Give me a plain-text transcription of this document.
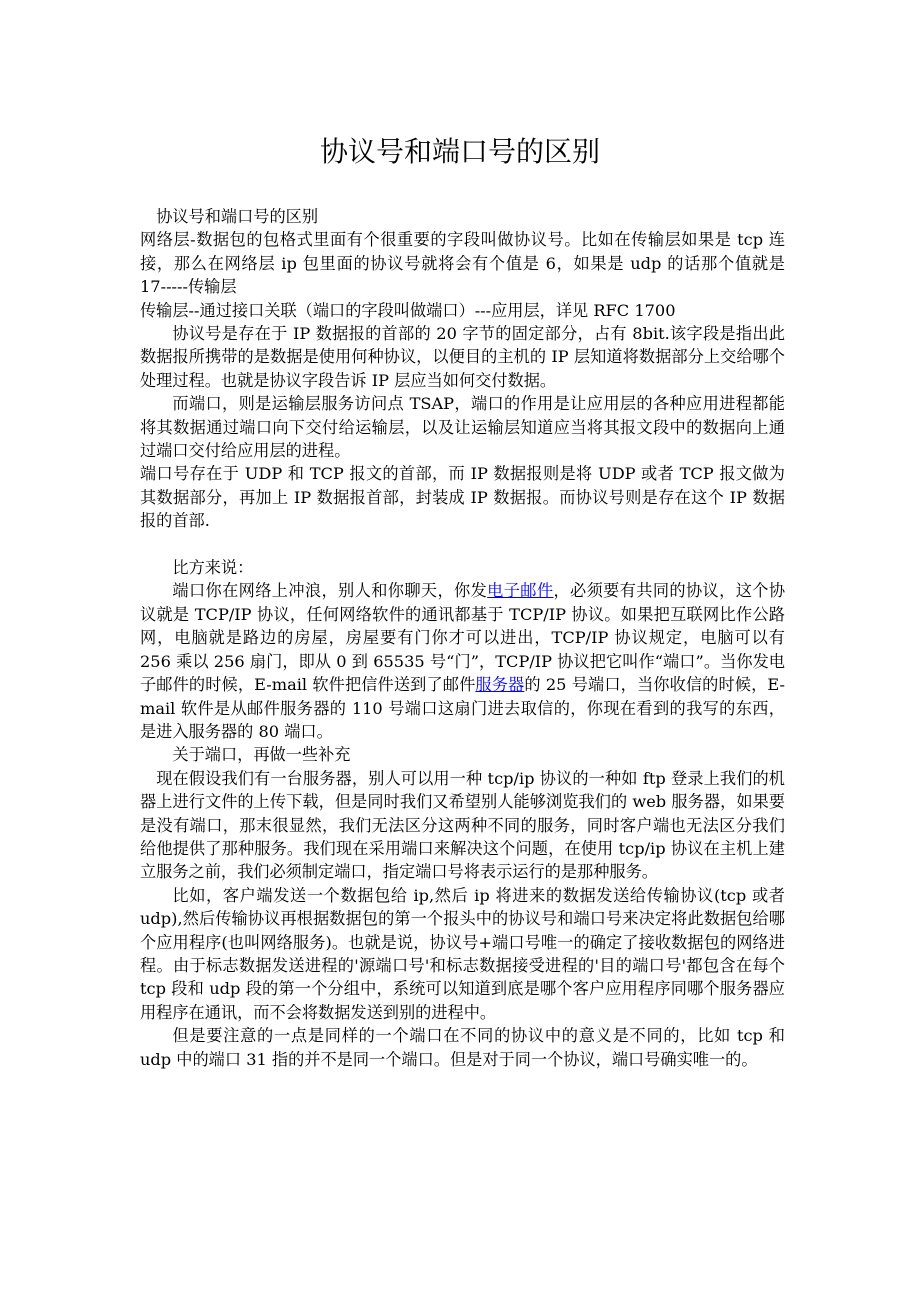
协议号和端口号的区别

协议号和端口号的区别

网络层-数据包的包格式里面有个很重要的字段叫做协议号。比如在传输层如果是 tcp 连接，那么在网络层 ip 包里面的协议号就将会有个值是 6，如果是 udp 的话那个值就是 17-----传输层

传输层--通过接口关联（端口的字段叫做端口）---应用层，详见 RFC 1700

协议号是存在于 IP 数据报的首部的 20 字节的固定部分，占有 8bit.该字段是指出此数据报所携带的是数据是使用何种协议，以便目的主机的 IP 层知道将数据部分上交给哪个处理过程。也就是协议字段告诉 IP 层应当如何交付数据。

而端口，则是运输层服务访问点 TSAP，端口的作用是让应用层的各种应用进程都能将其数据通过端口向下交付给运输层，以及让运输层知道应当将其报文段中的数据向上通过端口交付给应用层的进程。

端口号存在于 UDP 和 TCP 报文的首部，而 IP 数据报则是将 UDP 或者 TCP 报文做为其数据部分，再加上 IP 数据报首部，封装成 IP 数据报。而协议号则是存在这个 IP 数据报的首部.

比方来说：

端口你在网络上冲浪，别人和你聊天，你发电子邮件，必须要有共同的协议，这个协议就是 TCP/IP 协议，任何网络软件的通讯都基于 TCP/IP 协议。如果把互联网比作公路网，电脑就是路边的房屋，房屋要有门你才可以进出，TCP/IP 协议规定，电脑可以有 256 乘以 256 扇门，即从 0 到 65535 号“门”，TCP/IP 协议把它叫作“端口”。当你发电子邮件的时候，E-mail 软件把信件送到了邮件服务器的 25 号端口，当你收信的时候，E-mail 软件是从邮件服务器的 110 号端口这扇门进去取信的，你现在看到的我写的东西，是进入服务器的 80 端口。

关于端口，再做一些补充

现在假设我们有一台服务器，别人可以用一种 tcp/ip 协议的一种如 ftp 登录上我们的机器上进行文件的上传下载，但是同时我们又希望别人能够浏览我们的 web 服务器，如果要是没有端口，那末很显然，我们无法区分这两种不同的服务，同时客户端也无法区分我们给他提供了那种服务。我们现在采用端口来解决这个问题，在使用 tcp/ip 协议在主机上建立服务之前，我们必须制定端口，指定端口号将表示运行的是那种服务。

比如，客户端发送一个数据包给 ip,然后 ip 将进来的数据发送给传输协议(tcp 或者 udp),然后传输协议再根据数据包的第一个报头中的协议号和端口号来决定将此数据包给哪个应用程序(也叫网络服务)。也就是说，协议号+端口号唯一的确定了接收数据包的网络进程。由于标志数据发送进程的'源端口号'和标志数据接受进程的'目的端口号'都包含在每个 tcp 段和 udp 段的第一个分组中，系统可以知道到底是哪个客户应用程序同哪个服务器应用程序在通讯，而不会将数据发送到别的进程中。

但是要注意的一点是同样的一个端口在不同的协议中的意义是不同的，比如 tcp 和 udp 中的端口 31 指的并不是同一个端口。但是对于同一个协议，端口号确实唯一的。
